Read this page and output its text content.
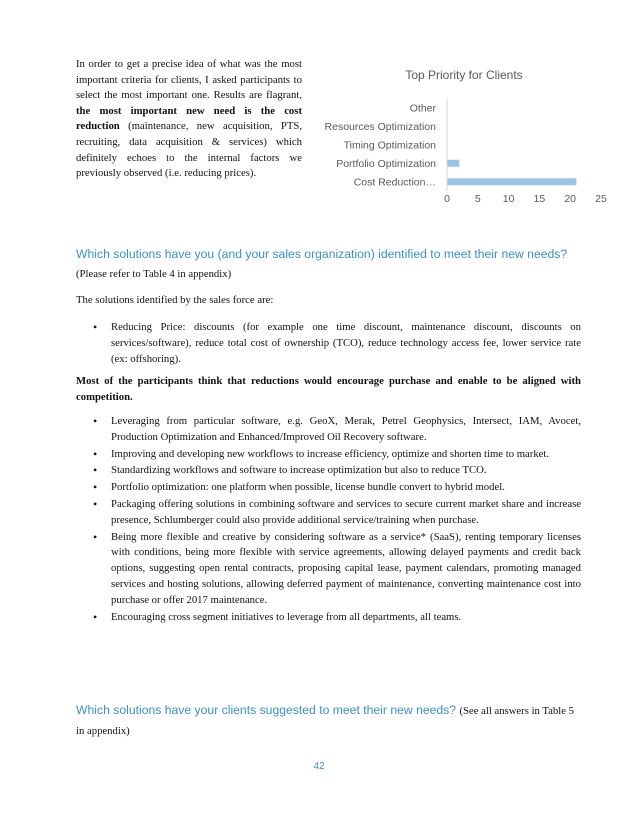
In order to get a precise idea of what was the most important criteria for clients, I asked participants to select the most important one. Results are flagrant, the most important new need is the cost reduction (maintenance, new acquisition, PTS, recruiting, data acquisition & services) which definitely echoes to the internal factors we previously observed (i.e. reducing prices).
Top Priority for Clients
Other
Resources Optimization
Timing Optimization
Portfolio Optimization
Cost Reduction…
0 5 10 15 20 25
Which solutions have you (and your sales organization) identified to meet their new needs? (Please refer to Table 4 in appendix)
The solutions identified by the sales force are:
• Reducing Price: discounts (for example one time discount, maintenance discount, discounts on services/software), reduce total cost of ownership (TCO), reduce technology access fee, lower service rate (ex: offshoring).
Most of the participants think that reductions would encourage purchase and enable to be aligned with competition.
• Leveraging from particular software, e.g. GeoX, Merak, Petrel Geophysics, Intersect, IAM, Avocet, Production Optimization and Enhanced/Improved Oil Recovery software.
• Improving and developing new workflows to increase efficiency, optimize and shorten time to market.
• Standardizing workflows and software to increase optimization but also to reduce TCO.
• Portfolio optimization: one platform when possible, license bundle convert to hybrid model.
• Packaging offering solutions in combining software and services to secure current market share and increase presence, Schlumberger could also provide additional service/training when purchase.
• Being more flexible and creative by considering software as a service* (SaaS), renting temporary licenses with conditions, being more flexible with service agreements, allowing delayed payments and credit back options, suggesting open rental contracts, proposing capital lease, payment calendars, promoting managed services and hosting solutions, allowing deferred payment of maintenance, converting maintenance cost into purchase or offer 2017 maintenance.
• Encouraging cross segment initiatives to leverage from all departments, all teams.
Which solutions have your clients suggested to meet their new needs? (See all answers in Table 5 in appendix)
42
